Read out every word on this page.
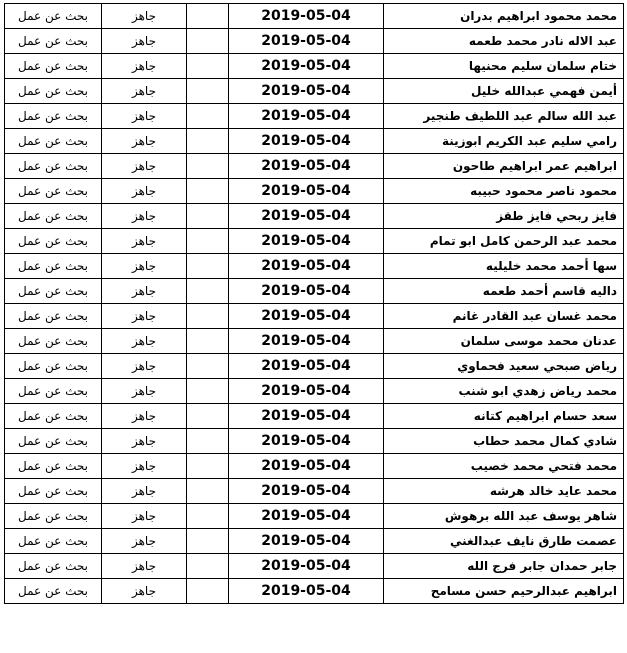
محمد محمود ابراهيم بدران	2019-05-04		جاهز	بحث عن عمل
عبد الاله نادر محمد طعمه	2019-05-04		جاهز	بحث عن عمل
ختام سلمان سليم محنيها	2019-05-04		جاهز	بحث عن عمل
أيمن فهمي عبدالله خليل	2019-05-04		جاهز	بحث عن عمل
عبد الله سالم عبد اللطيف طنجير	2019-05-04		جاهز	بحث عن عمل
رامي سليم عبد الكريم ابوزينة	2019-05-04		جاهز	بحث عن عمل
ابراهيم عمر ابراهيم طاحون	2019-05-04		جاهز	بحث عن عمل
محمود ناصر محمود حبيبه	2019-05-04		جاهز	بحث عن عمل
فايز ربحي فايز طقز	2019-05-04		جاهز	بحث عن عمل
محمد عبد الرحمن كامل ابو تمام	2019-05-04		جاهز	بحث عن عمل
سها أحمد محمد خليليه	2019-05-04		جاهز	بحث عن عمل
داليه قاسم أحمد طعمه	2019-05-04		جاهز	بحث عن عمل
محمد غسان عبد القادر غانم	2019-05-04		جاهز	بحث عن عمل
عدنان محمد موسى سلمان	2019-05-04		جاهز	بحث عن عمل
رياض صبحي سعيد فحماوي	2019-05-04		جاهز	بحث عن عمل
محمد رياض زهدي ابو شنب	2019-05-04		جاهز	بحث عن عمل
سعد حسام ابراهيم كتانه	2019-05-04		جاهز	بحث عن عمل
شادي كمال محمد حطاب	2019-05-04		جاهز	بحث عن عمل
محمد فتحي محمد خصيب	2019-05-04		جاهز	بحث عن عمل
محمد عايد خالد هرشه	2019-05-04		جاهز	بحث عن عمل
شاهر يوسف عبد الله برهوش	2019-05-04		جاهز	بحث عن عمل
عصمت طارق نايف عبدالغني	2019-05-04		جاهز	بحث عن عمل
جابر حمدان جابر فرج الله	2019-05-04		جاهز	بحث عن عمل
ابراهيم عبدالرحيم حسن مسامح	2019-05-04		جاهز	بحث عن عمل
